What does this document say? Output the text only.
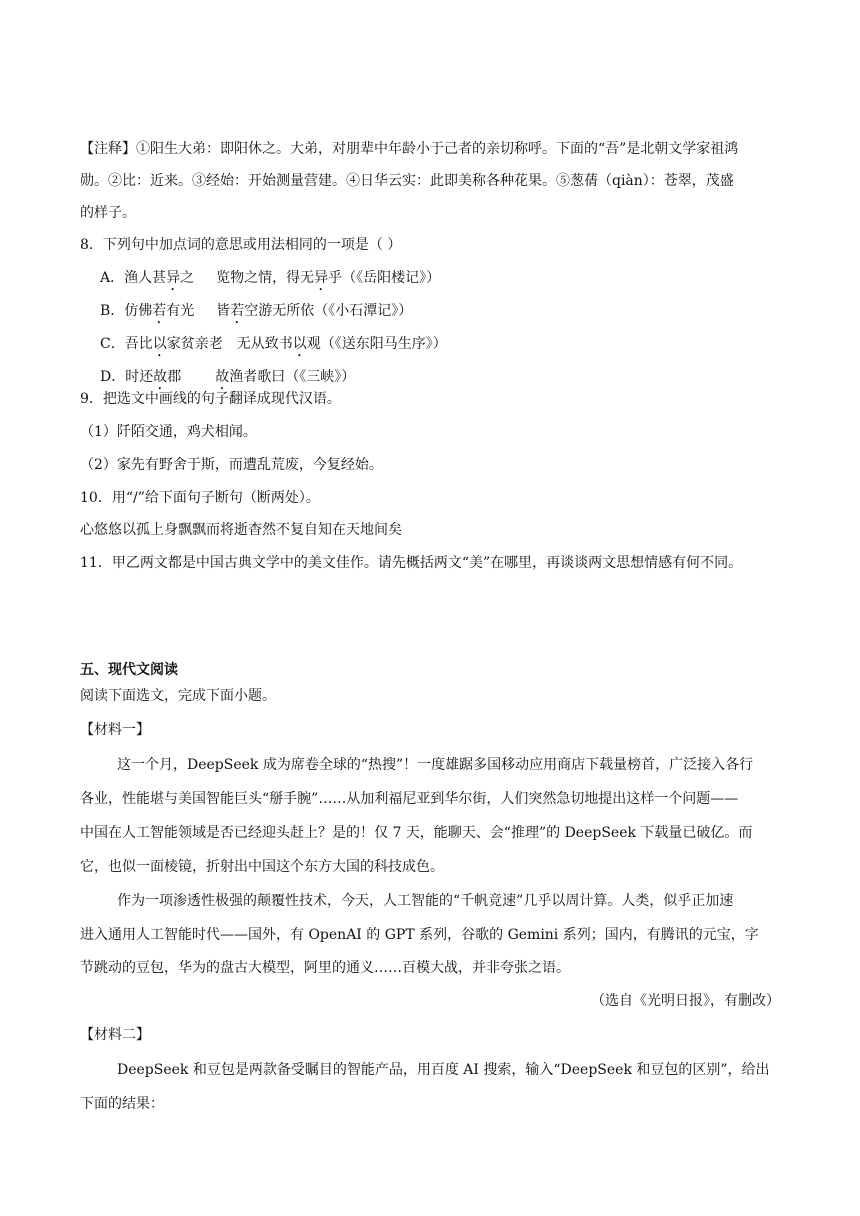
【注释】①阳生大弟：即阳休之。大弟，对朋辈中年龄小于己者的亲切称呼。下面的“吾”是北朝文学家祖鸿
勋。②比：近来。③经始：开始测量营建。④日华云实：此即美称各种花果。⑤葱蒨（qiàn）：苍翠，茂盛
的样子。
8．下列句中加点词的意思或用法相同的一项是（ ）
A．渔人甚异之 览物之情，得无异乎（《岳阳楼记》）
B．仿佛若有光 皆若空游无所依（《小石潭记》）
C．吾比以家贫亲老 无从致书以观（《送东阳马生序》）
D．时还故郡 故渔者歌曰（《三峡》）
9．把选文中画线的句子翻译成现代汉语。
（1）阡陌交通，鸡犬相闻。
（2）家先有野舍于斯，而遭乱荒废，今复经始。
10．用“/”给下面句子断句（断两处）。
心悠悠以孤上身飘飘而将逝杳然不复自知在天地间矣
11．甲乙两文都是中国古典文学中的美文佳作。请先概括两文“美”在哪里，再谈谈两文思想情感有何不同。
五、现代文阅读
阅读下面选文，完成下面小题。
【材料一】
这一个月，DeepSeek 成为席卷全球的“热搜”！一度雄踞多国移动应用商店下载量榜首，广泛接入各行
各业，性能堪与美国智能巨头“掰手腕”……从加利福尼亚到华尔街，人们突然急切地提出这样一个问题——
中国在人工智能领域是否已经迎头赶上？是的！仅 7 天，能聊天、会“推理”的 DeepSeek 下载量已破亿。而
它，也似一面棱镜，折射出中国这个东方大国的科技成色。
作为一项渗透性极强的颠覆性技术，今天，人工智能的“千帆竞速”几乎以周计算。人类，似乎正加速
进入通用人工智能时代——国外，有 OpenAI 的 GPT 系列，谷歌的 Gemini 系列；国内，有腾讯的元宝，字
节跳动的豆包，华为的盘古大模型，阿里的通义……百模大战，并非夸张之语。
（选自《光明日报》，有删改）
【材料二】
DeepSeek 和豆包是两款备受瞩目的智能产品，用百度 AI 搜索，输入“DeepSeek 和豆包的区别”，给出
下面的结果：
